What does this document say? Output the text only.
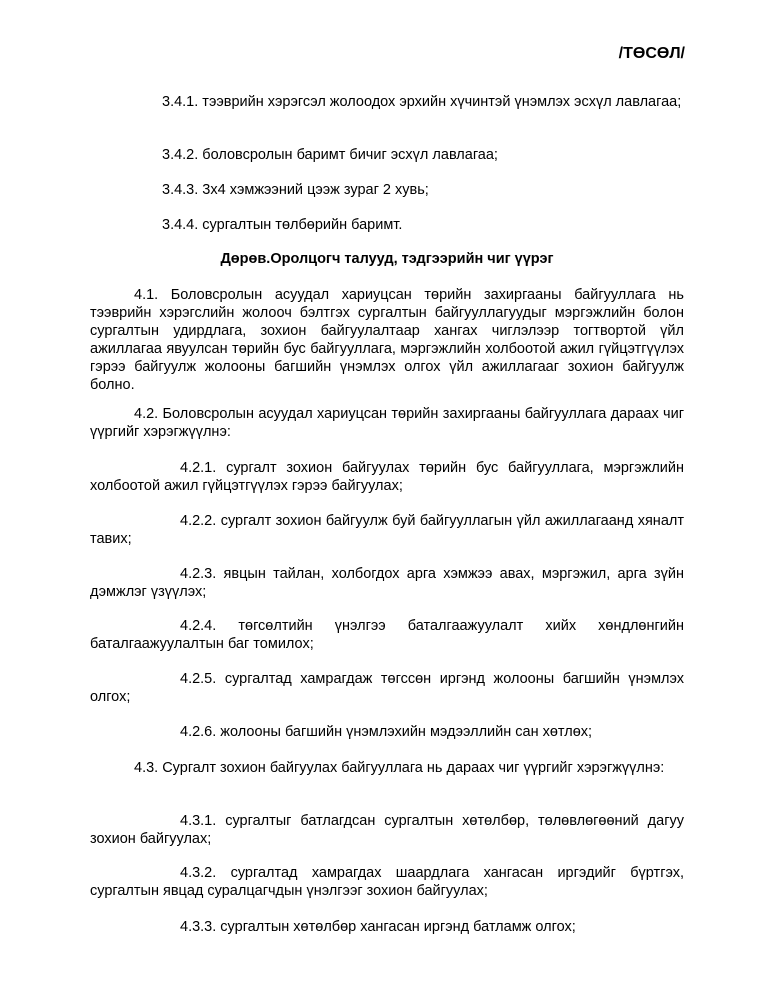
/ТӨСӨЛ/

3.4.1. тээврийн хэрэгсэл жолоодох эрхийн хүчинтэй үнэмлэх эсхүл лавлагаа;

3.4.2. боловсролын баримт бичиг эсхүл лавлагаа;

3.4.3. 3х4 хэмжээний цээж зураг 2 хувь;

3.4.4. сургалтын төлбөрийн баримт.

Дөрөв.Оролцогч талууд, тэдгээрийн чиг үүрэг

4.1. Боловсролын асуудал хариуцсан төрийн захиргааны байгууллага нь тээврийн хэрэгслийн жолооч бэлтгэх сургалтын байгууллагуудыг мэргэжлийн болон сургалтын удирдлага, зохион байгуулалтаар хангах чиглэлээр тогтвортой үйл ажиллагаа явуулсан төрийн бус байгууллага, мэргэжлийн холбоотой ажил гүйцэтгүүлэх гэрээ байгуулж жолооны багшийн үнэмлэх олгох үйл ажиллагааг зохион байгуулж болно.

4.2. Боловсролын асуудал хариуцсан төрийн захиргааны байгууллага дараах чиг үүргийг хэрэгжүүлнэ:

4.2.1. сургалт зохион байгуулах төрийн бус байгууллага, мэргэжлийн холбоотой ажил гүйцэтгүүлэх гэрээ байгуулах;

4.2.2. сургалт зохион байгуулж буй байгууллагын үйл ажиллагаанд хяналт тавих;

4.2.3. явцын тайлан, холбогдох арга хэмжээ авах, мэргэжил, арга зүйн дэмжлэг үзүүлэх;

4.2.4. төгсөлтийн үнэлгээ баталгаажуулалт хийх хөндлөнгийн баталгаажуулалтын баг томилох;

4.2.5. сургалтад хамрагдаж төгссөн иргэнд жолооны багшийн үнэмлэх олгох;

4.2.6. жолооны багшийн үнэмлэхийн мэдээллийн сан хөтлөх;

4.3. Сургалт зохион байгуулах байгууллага нь дараах чиг үүргийг хэрэгжүүлнэ:

4.3.1. сургалтыг батлагдсан сургалтын хөтөлбөр, төлөвлөгөөний дагуу зохион байгуулах;

4.3.2. сургалтад хамрагдах шаардлага хангасан иргэдийг бүртгэх, сургалтын явцад суралцагчдын үнэлгээг зохион байгуулах;

4.3.3. сургалтын хөтөлбөр хангасан иргэнд батламж олгох;
